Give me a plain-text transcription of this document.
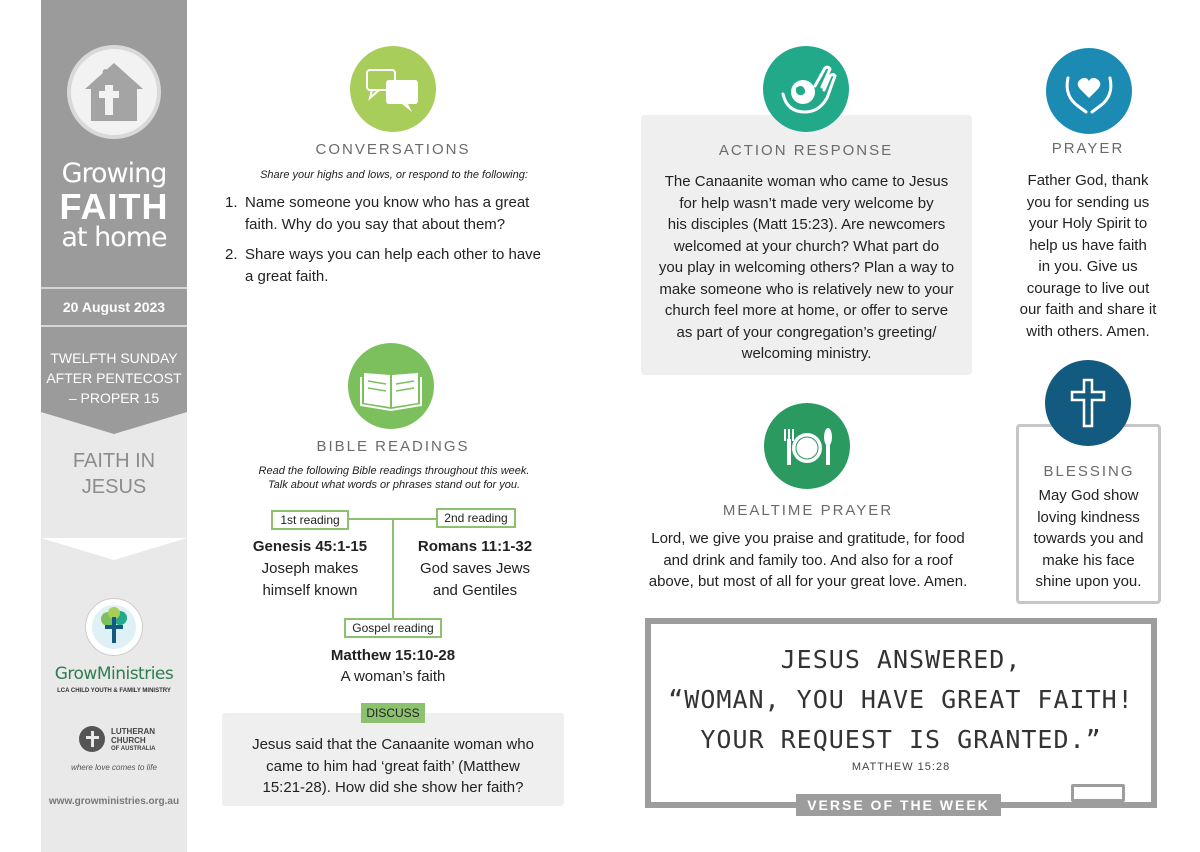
Growing
FAITH
at home
20 August 2023
TWELFTH SUNDAY
AFTER PENTECOST
– PROPER 15
FAITH IN
JESUS
GrowMinistries
LCA CHILD YOUTH & FAMILY MINISTRY
LUTHERAN
CHURCH
OF AUSTRALIA
where love comes to life
www.growministries.org.au
CONVERSATIONS
Share your highs and lows, or respond to the following:
1. Name someone you know who has a great
faith. Why do you say that about them?
2. Share ways you can help each other to have
a great faith.
BIBLE READINGS
Read the following Bible readings throughout this week.
Talk about what words or phrases stand out for you.
1st reading
Genesis 45:1-15
Joseph makes
himself known
2nd reading
Romans 11:1-32
God saves Jews
and Gentiles
Gospel reading
Matthew 15:10-28
A woman’s faith
DISCUSS
Jesus said that the Canaanite woman who
came to him had ‘great faith’ (Matthew
15:21-28). How did she show her faith?
ACTION RESPONSE
The Canaanite woman who came to Jesus
for help wasn’t made very welcome by
his disciples (Matt 15:23). Are newcomers
welcomed at your church? What part do
you play in welcoming others? Plan a way to
make someone who is relatively new to your
church feel more at home, or offer to serve
as part of your congregation’s greeting/
welcoming ministry.
PRAYER
Father God, thank
you for sending us
your Holy Spirit to
help us have faith
in you. Give us
courage to live out
our faith and share it
with others. Amen.
MEALTIME PRAYER
Lord, we give you praise and gratitude, for food
and drink and family too. And also for a roof
above, but most of all for your great love. Amen.
BLESSING
May God show
loving kindness
towards you and
make his face
shine upon you.
JESUS ANSWERED,
“WOMAN, YOU HAVE GREAT FAITH!
YOUR REQUEST IS GRANTED.”
MATTHEW 15:28
VERSE OF THE WEEK
